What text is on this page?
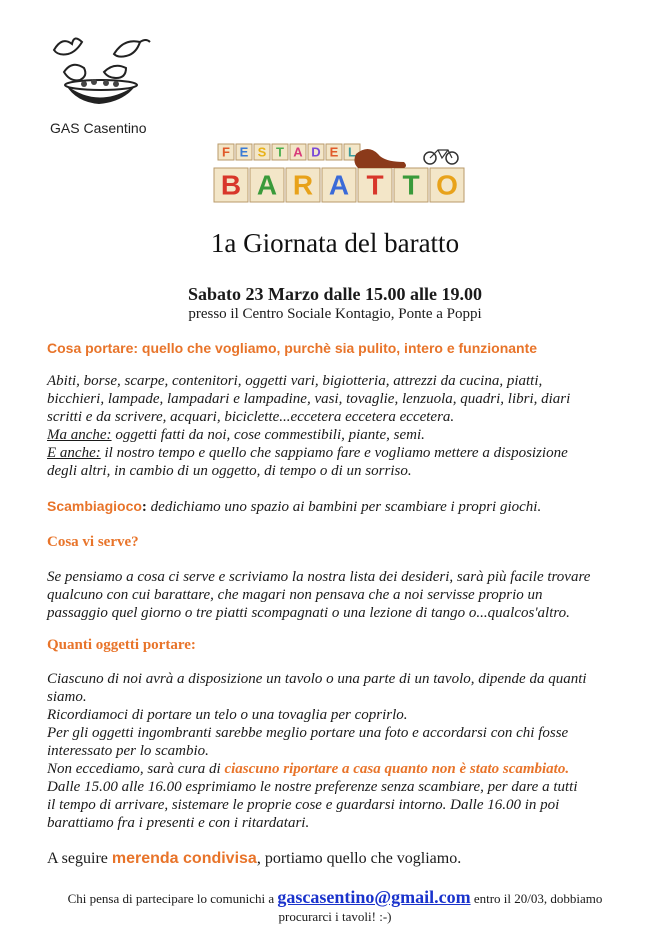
GAS Casentino
F E S T A D E L
B A R A T T O
1a Giornata del baratto
Sabato 23 Marzo dalle 15.00 alle 19.00
presso il Centro Sociale Kontagio, Ponte a Poppi
Cosa portare: quello che vogliamo, purchè sia pulito, intero e funzionante
Abiti, borse, scarpe, contenitori, oggetti vari, bigiotteria, attrezzi da cucina, piatti,
bicchieri, lampade, lampadari e lampadine, vasi, tovaglie, lenzuola, quadri, libri, diari
scritti e da scrivere, acquari, biciclette...eccetera eccetera eccetera.
Ma anche: oggetti fatti da noi, cose commestibili, piante, semi.
E anche: il nostro tempo e quello che sappiamo fare e vogliamo mettere a disposizione
degli altri, in cambio di un oggetto, di tempo o di un sorriso.
Scambiagioco: dedichiamo uno spazio ai bambini per scambiare i propri giochi.
Cosa vi serve?
Se pensiamo a cosa ci serve e scriviamo la nostra lista dei desideri, sarà più facile trovare
qualcuno con cui barattare, che magari non pensava che a noi servisse proprio un
passaggio quel giorno o tre piatti scompagnati o una lezione di tango o...qualcos'altro.
Quanti oggetti portare:
Ciascuno di noi avrà a disposizione un tavolo o una parte di un tavolo, dipende da quanti
siamo.
Ricordiamoci di portare un telo o una tovaglia per coprirlo.
Per gli oggetti ingombranti sarebbe meglio portare una foto e accordarsi con chi fosse
interessato per lo scambio.
Non eccediamo, sarà cura di ciascuno riportare a casa quanto non è stato scambiato.
Dalle 15.00 alle 16.00 esprimiamo le nostre preferenze senza scambiare, per dare a tutti
il tempo di arrivare, sistemare le proprie cose e guardarsi intorno. Dalle 16.00 in poi
barattiamo fra i presenti e con i ritardatari.
A seguire merenda condivisa, portiamo quello che vogliamo.
Chi pensa di partecipare lo comunichi a gascasentino@gmail.com entro il 20/03, dobbiamo
procurarci i tavoli! :-)
